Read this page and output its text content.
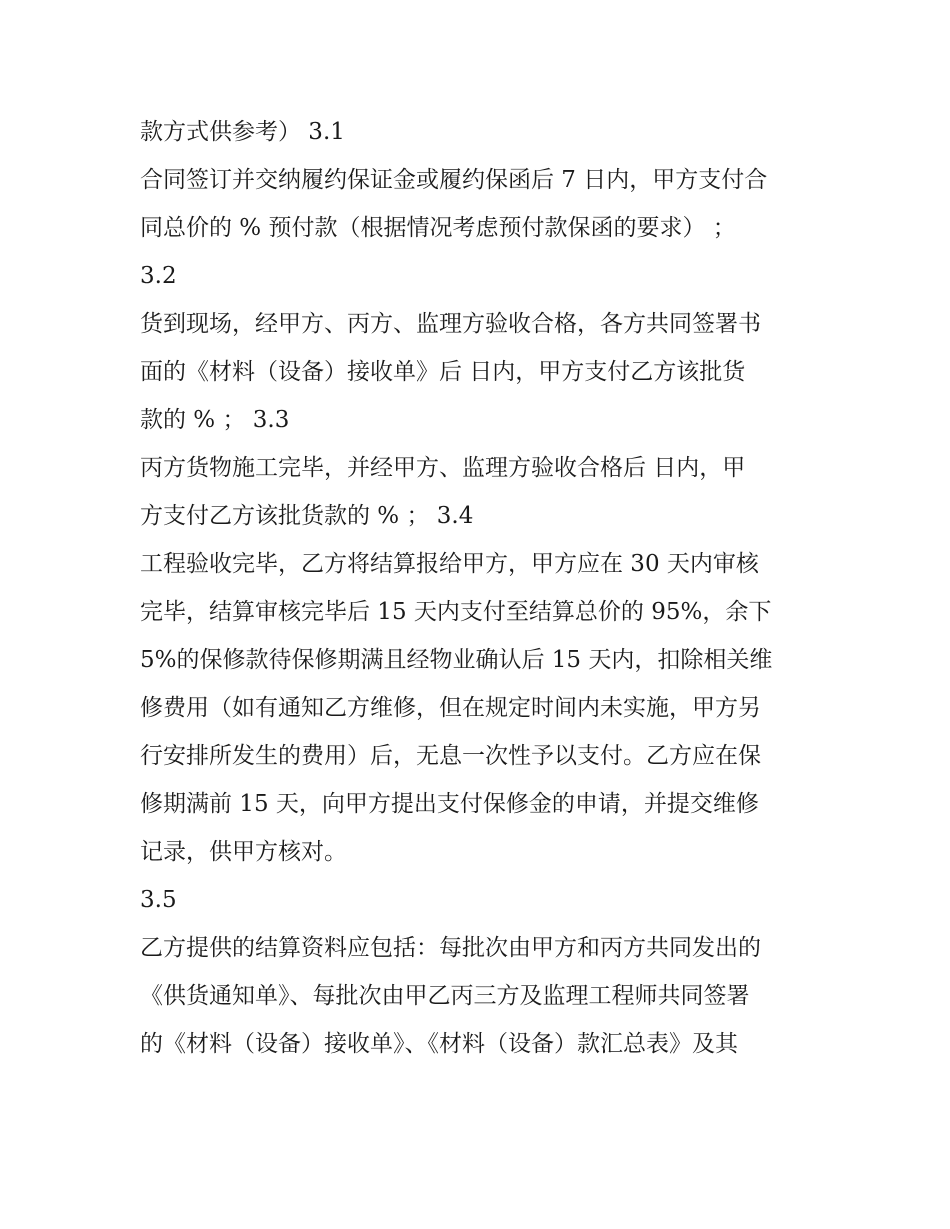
款方式供参考） 3.1

合同签订并交纳履约保证金或履约保函后 7 日内，甲方支付合

同总价的 % 预付款（根据情况考虑预付款保函的要求） ；

3.2

货到现场，经甲方、丙方、监理方验收合格，各方共同签署书

面的《材料（设备）接收单》后 日内，甲方支付乙方该批货

款的 % ； 3.3

丙方货物施工完毕，并经甲方、监理方验收合格后 日内，甲

方支付乙方该批货款的 % ； 3.4

工程验收完毕，乙方将结算报给甲方，甲方应在 30 天内审核

完毕，结算审核完毕后 15 天内支付至结算总价的 95%，余下

5%的保修款待保修期满且经物业确认后 15 天内，扣除相关维

修费用（如有通知乙方维修，但在规定时间内未实施，甲方另

行安排所发生的费用）后，无息一次性予以支付。乙方应在保

修期满前 15 天，向甲方提出支付保修金的申请，并提交维修

记录，供甲方核对。

3.5

乙方提供的结算资料应包括：每批次由甲方和丙方共同发出的

《供货通知单》、每批次由甲乙丙三方及监理工程师共同签署

的《材料（设备）接收单》、《材料（设备）款汇总表》及其
